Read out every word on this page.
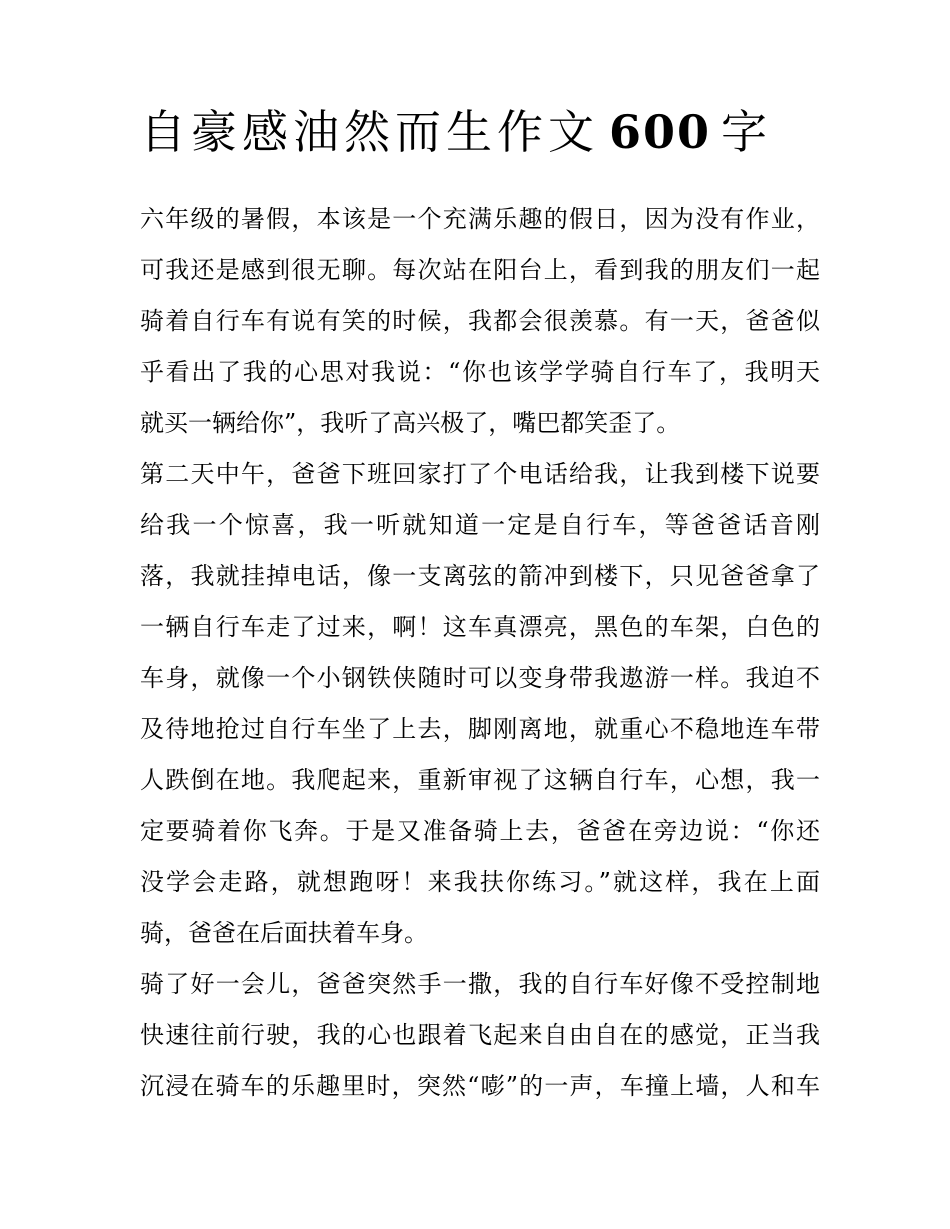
自豪感油然而生作文 600 字
六年级的暑假，本该是一个充满乐趣的假日，因为没有作业，
可我还是感到很无聊。每次站在阳台上，看到我的朋友们一起
骑着自行车有说有笑的时候，我都会很羡慕。有一天，爸爸似
乎看出了我的心思对我说：“你也该学学骑自行车了，我明天
就买一辆给你”，我听了高兴极了，嘴巴都笑歪了。
第二天中午，爸爸下班回家打了个电话给我，让我到楼下说要
给我一个惊喜，我一听就知道一定是自行车，等爸爸话音刚
落，我就挂掉电话，像一支离弦的箭冲到楼下，只见爸爸拿了
一辆自行车走了过来，啊！这车真漂亮，黑色的车架，白色的
车身，就像一个小钢铁侠随时可以变身带我遨游一样。我迫不
及待地抢过自行车坐了上去，脚刚离地，就重心不稳地连车带
人跌倒在地。我爬起来，重新审视了这辆自行车，心想，我一
定要骑着你飞奔。于是又准备骑上去，爸爸在旁边说：“你还
没学会走路，就想跑呀！来我扶你练习。”就这样，我在上面
骑，爸爸在后面扶着车身。
骑了好一会儿，爸爸突然手一撒，我的自行车好像不受控制地
快速往前行驶，我的心也跟着飞起来自由自在的感觉，正当我
沉浸在骑车的乐趣里时，突然“嘭”的一声，车撞上墙，人和车
